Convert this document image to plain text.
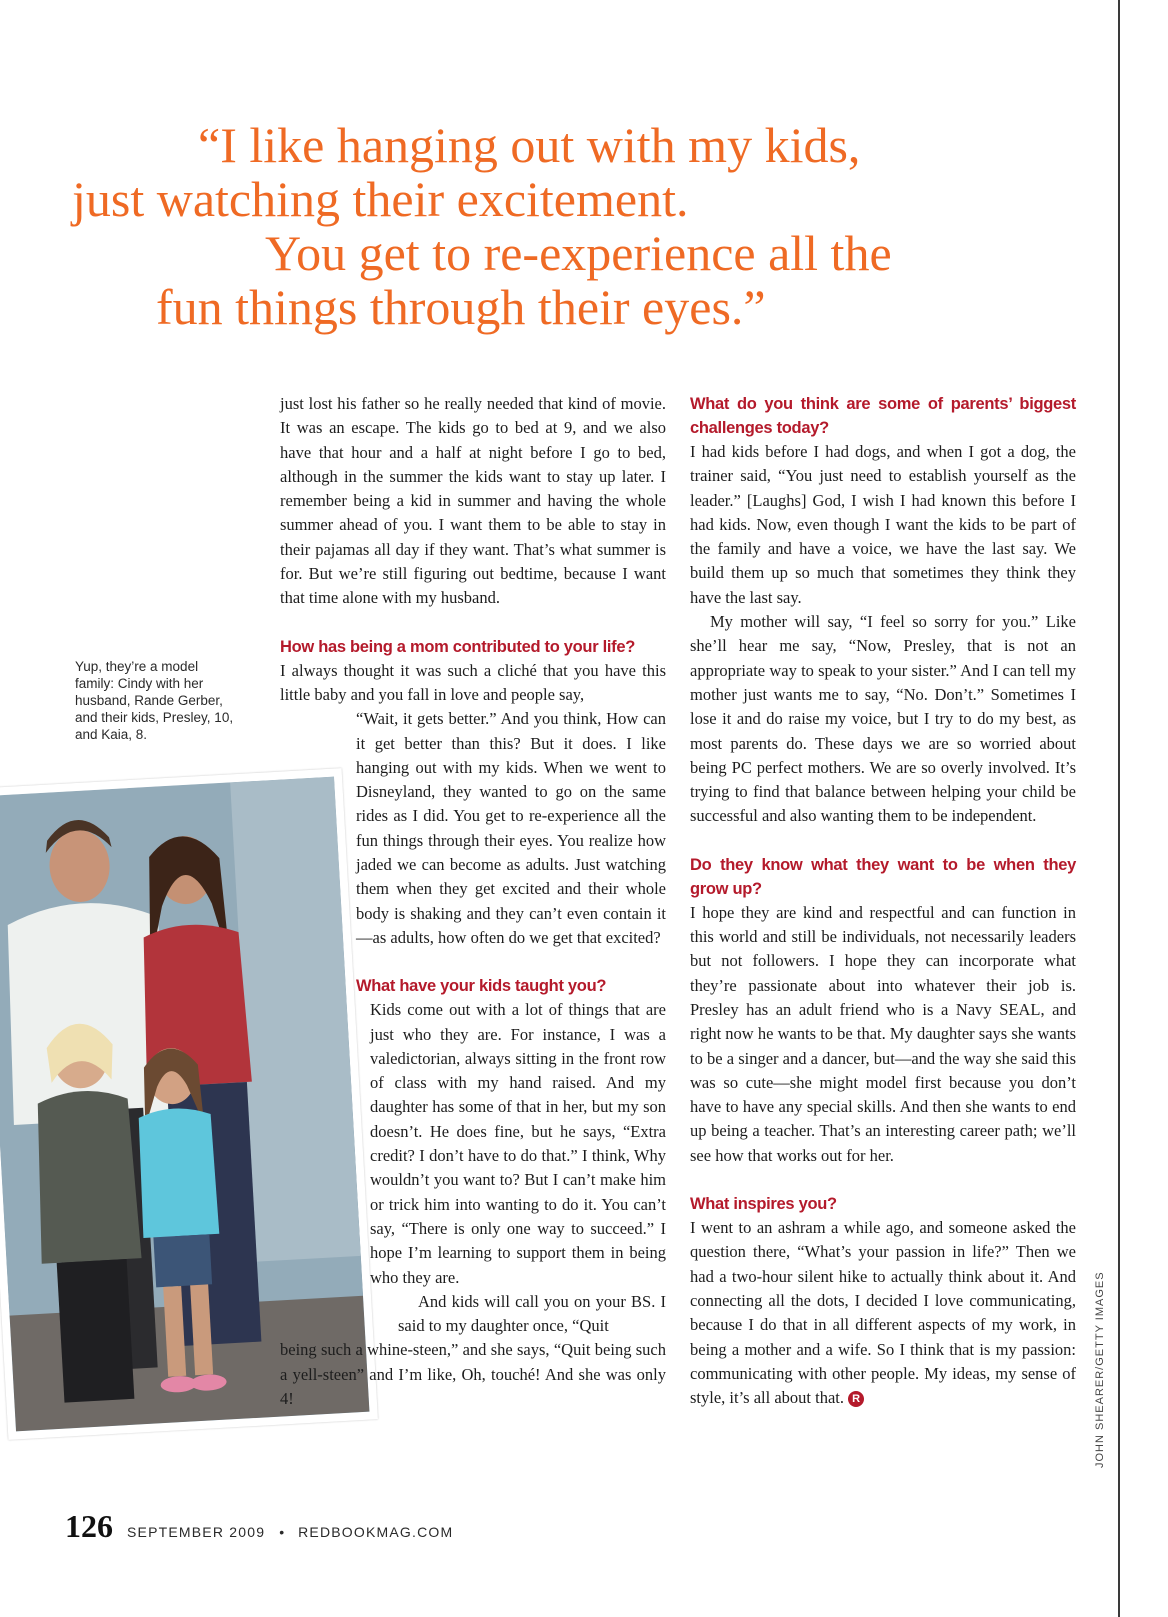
“I like hanging out with my kids,
just watching their excitement.
You get to re-experience all the
fun things through their eyes.”
Yup, they’re a model family: Cindy with her husband, Rande Gerber, and their kids, Presley, 10, and Kaia, 8.

just lost his father so he really needed that kind of movie. It was an escape. The kids go to bed at 9, and we also have that hour and a half at night before I go to bed, although in the summer the kids want to stay up later. I remember being a kid in summer and having the whole summer ahead of you. I want them to be able to stay in their pajamas all day if they want. That’s what summer is for. But we’re still figuring out bedtime, because I want that time alone with my husband.

How has being a mom contributed to your life?

I always thought it was such a cliché that you have this little baby and you fall in love and people say,

“Wait, it gets better.” And you think, How can it get better than this? But it does. I like hanging out with my kids. When we went to Disneyland, they wanted to go on the same rides as I did. You get to re-experience all the fun things through their eyes. You realize how jaded we can become as adults. Just watching them when they get excited and their whole body is shaking and they can’t even contain it—as adults, how often do we get that excited?

What have your kids taught you?

Kids come out with a lot of things that are just who they are. For instance, I was a valedictorian, always sitting in the front row of class with my hand raised. And my daughter has some of that in her, but my son doesn’t. He does fine, but he says, “Extra credit? I don’t have to do that.” I think, Why wouldn’t you want to? But I can’t make him or trick him into wanting to do it. You can’t say, “There is only one way to succeed.” I hope I’m learning to support them in being who they are.

And kids will call you on your BS. I said to my daughter once, “Quit

being such a whine-steen,” and she says, “Quit being such a yell-steen” and I’m like, Oh, touché! And she was only 4!

What do you think are some of parents’ biggest challenges today?

I had kids before I had dogs, and when I got a dog, the trainer said, “You just need to establish yourself as the leader.” [Laughs] God, I wish I had known this before I had kids. Now, even though I want the kids to be part of the family and have a voice, we have the last say. We build them up so much that sometimes they think they have the last say.

My mother will say, “I feel so sorry for you.” Like she’ll hear me say, “Now, Presley, that is not an appropriate way to speak to your sister.” And I can tell my mother just wants me to say, “No. Don’t.” Sometimes I lose it and do raise my voice, but I try to do my best, as most parents do. These days we are so worried about being PC perfect mothers. We are so overly involved. It’s trying to find that balance between helping your child be successful and also wanting them to be independent.

Do they know what they want to be when they grow up?

I hope they are kind and respectful and can function in this world and still be individuals, not necessarily leaders but not followers. I hope they can incorporate what they’re passionate about into whatever their job is. Presley has an adult friend who is a Navy SEAL, and right now he wants to be that. My daughter says she wants to be a singer and a dancer, but—and the way she said this was so cute—she might model first because you don’t have to have any special skills. And then she wants to end up being a teacher. That’s an interesting career path; we’ll see how that works out for her.

What inspires you?

I went to an ashram a while ago, and someone asked the question there, “What’s your passion in life?” Then we had a two-hour silent hike to actually think about it. And connecting all the dots, I decided I love communicating, because I do that in all different aspects of my work, in being a mother and a wife. So I think that is my passion: communicating with other people. My ideas, my sense of style, it’s all about that. R	JOHN SHEARER/GETTY IMAGES
126 SEPTEMBER 2009 • REDBOOKMAG.COM
